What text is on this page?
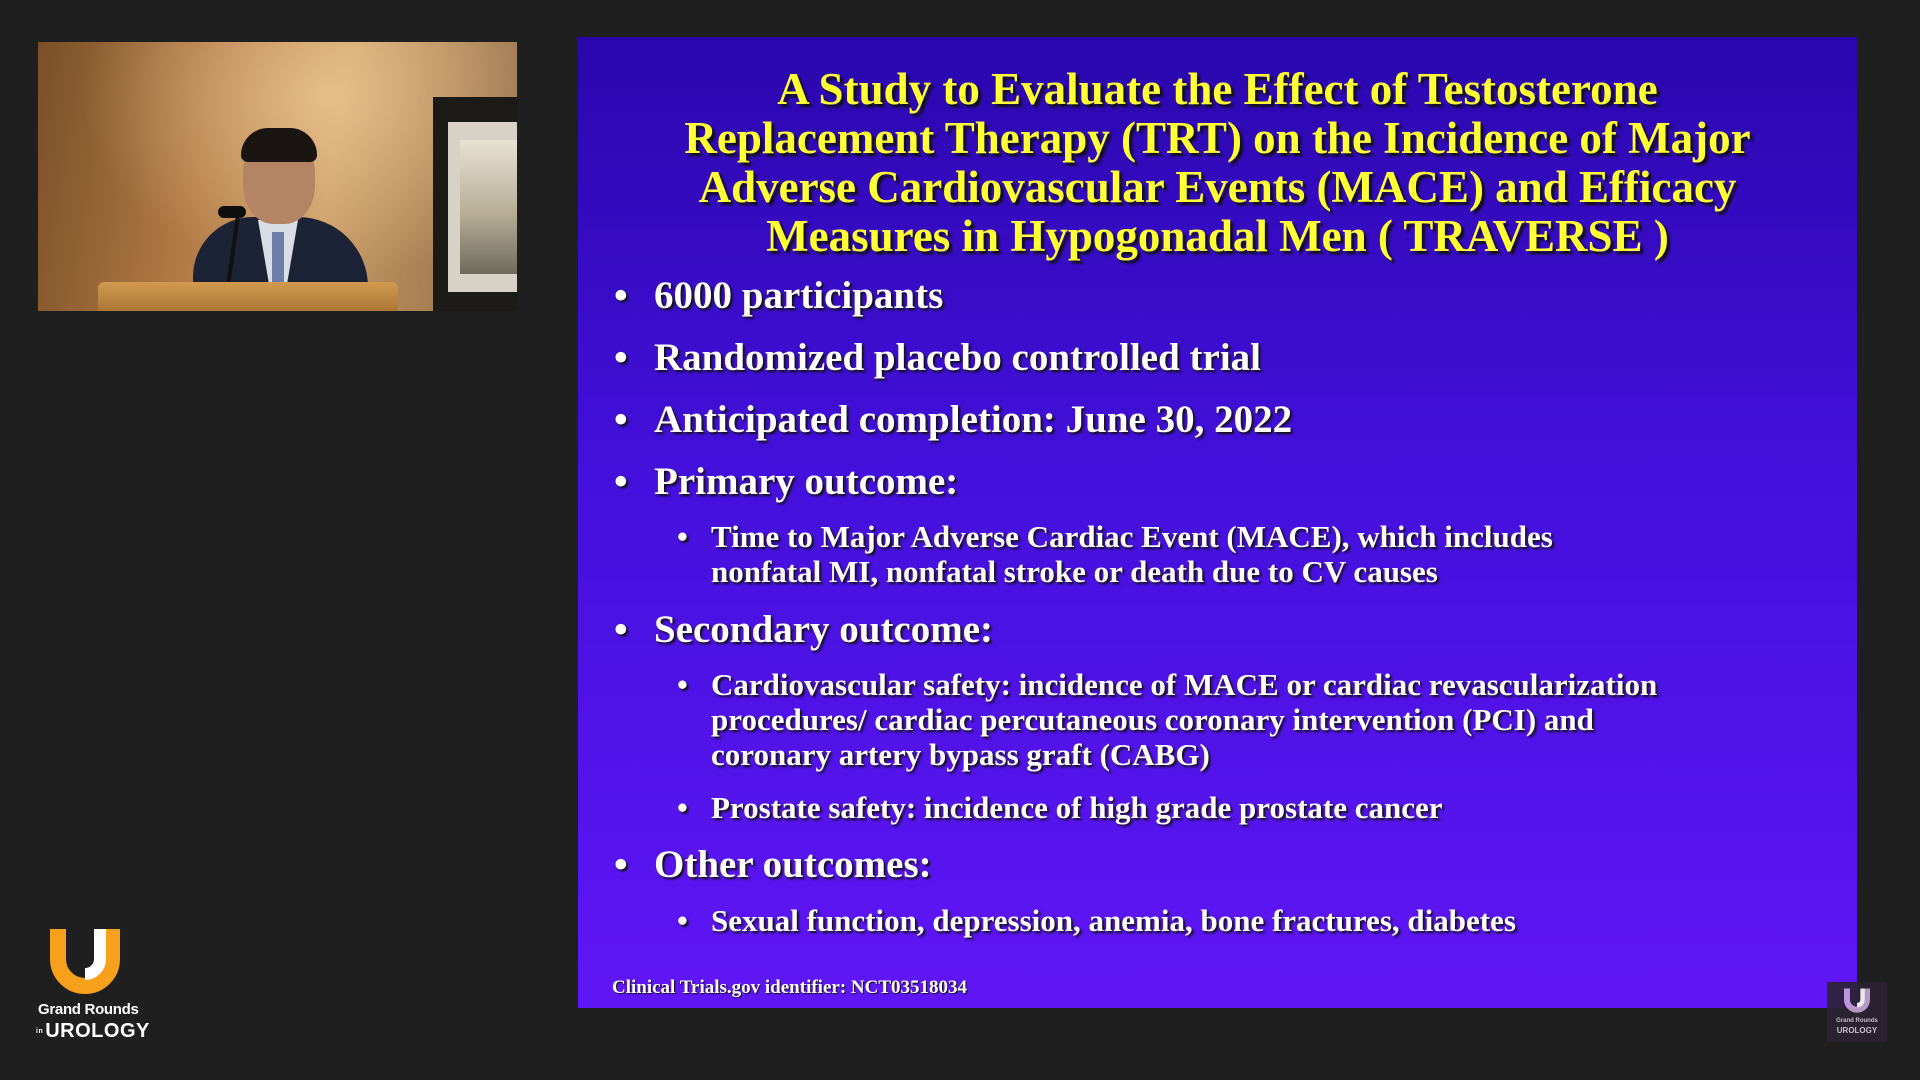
A Study to Evaluate the Effect of Testosterone
Replacement Therapy (TRT) on the Incidence of Major
Adverse Cardiovascular Events (MACE) and Efficacy
Measures in Hypogonadal Men ( TRAVERSE )
• 6000 participants
• Randomized placebo controlled trial
• Anticipated completion: June 30, 2022
• Primary outcome:
• Time to Major Adverse Cardiac Event (MACE), which includes
nonfatal MI, nonfatal stroke or death due to CV causes
• Secondary outcome:
• Cardiovascular safety: incidence of MACE or cardiac revascularization
procedures/ cardiac percutaneous coronary intervention (PCI) and
coronary artery bypass graft (CABG)
• Prostate safety: incidence of high grade prostate cancer
• Other outcomes:
• Sexual function, depression, anemia, bone fractures, diabetes
Clinical Trials.gov identifier: NCT03518034
Grand Rounds
in UROLOGY	Grand Rounds
UROLOGY
